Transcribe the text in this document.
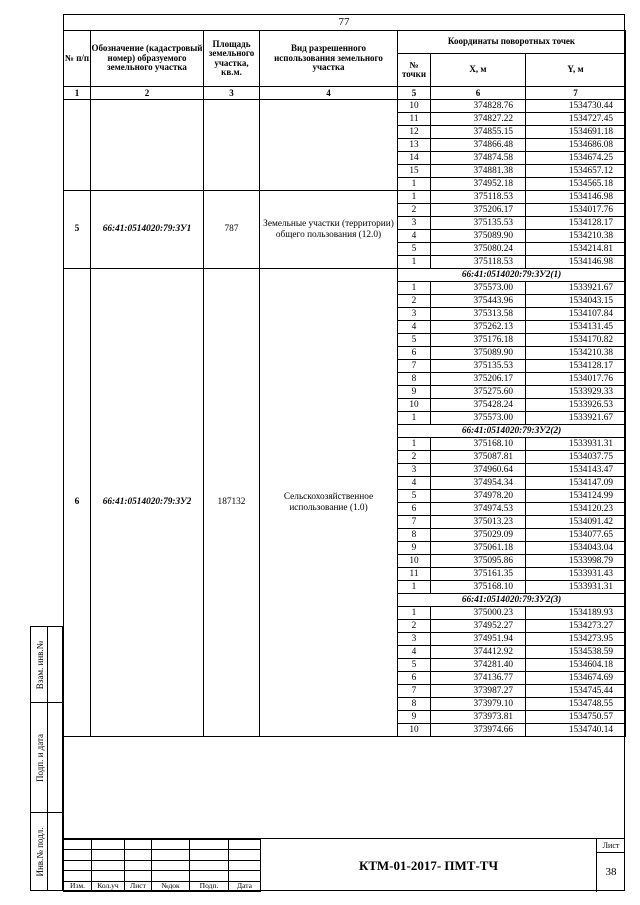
77
№ п/п	Обозначение (кадастровый номер) образуемого земельного участка	Площадь земельного участка, кв.м.	Вид разрешенного использования земельного участка	Координаты поворотных точек		
				№ точки	X, м	Y, м
1	2	3	4	5	6	7
				10	374828.76	1534730.44
				11	374827.22	1534727.45
				12	374855.15	1534691.18
				13	374866.48	1534686.08
				14	374874.58	1534674.25
				15	374881.38	1534657.12
				1	374952.18	1534565.18
5	66:41:0514020:79:ЗУ1	787	Земельные участки (территории) общего пользования (12.0)	1	375118.53	1534146.98
				2	375206.17	1534017.76
				3	375135.53	1534128.17
				4	375089.90	1534210.38
				5	375080.24	1534214.81
				1	375118.53	1534146.98
6	66:41:0514020:79:ЗУ2	187132	Сельскохозяйственное использование (1.0)	66:41:0514020:79:ЗУ2(1)		
				1	375573.00	1533921.67
				2	375443.96	1534043.15
				3	375313.58	1534107.84
				4	375262.13	1534131.45
				5	375176.18	1534170.82
				6	375089.90	1534210.38
				7	375135.53	1534128.17
				8	375206.17	1534017.76
				9	375275.60	1533929.33
				10	375428.24	1533926.53
				1	375573.00	1533921.67
				66:41:0514020:79:ЗУ2(2)		
				1	375168.10	1533931.31
				2	375087.81	1534037.75
				3	374960.64	1534143.47
				4	374954.34	1534147.09
				5	374978.20	1534124.99
				6	374974.53	1534120.23
				7	375013.23	1534091.42
				8	375029.09	1534077.65
				9	375061.18	1534043.04
				10	375095.86	1533998.79
				11	375161.35	1533931.43
				1	375168.10	1533931.31
				66:41:0514020:79:ЗУ2(3)		
				1	375000.23	1534189.93
				2	374952.27	1534273.27
				3	374951.94	1534273.95
				4	374412.92	1534538.59
				5	374281.40	1534604.18
				6	374136.77	1534674.69
				7	373987.27	1534745.44
				8	373979.10	1534748.55
				9	373973.81	1534750.57
				10	373974.66	1534740.14
Взам. инв.№
Подп. и дата
Инв.№ подл.

Изм.	Кол.уч	Лист	№док	Подп.	Дата
КТМ-01-2017- ПМТ-ТЧ
Лист
38
